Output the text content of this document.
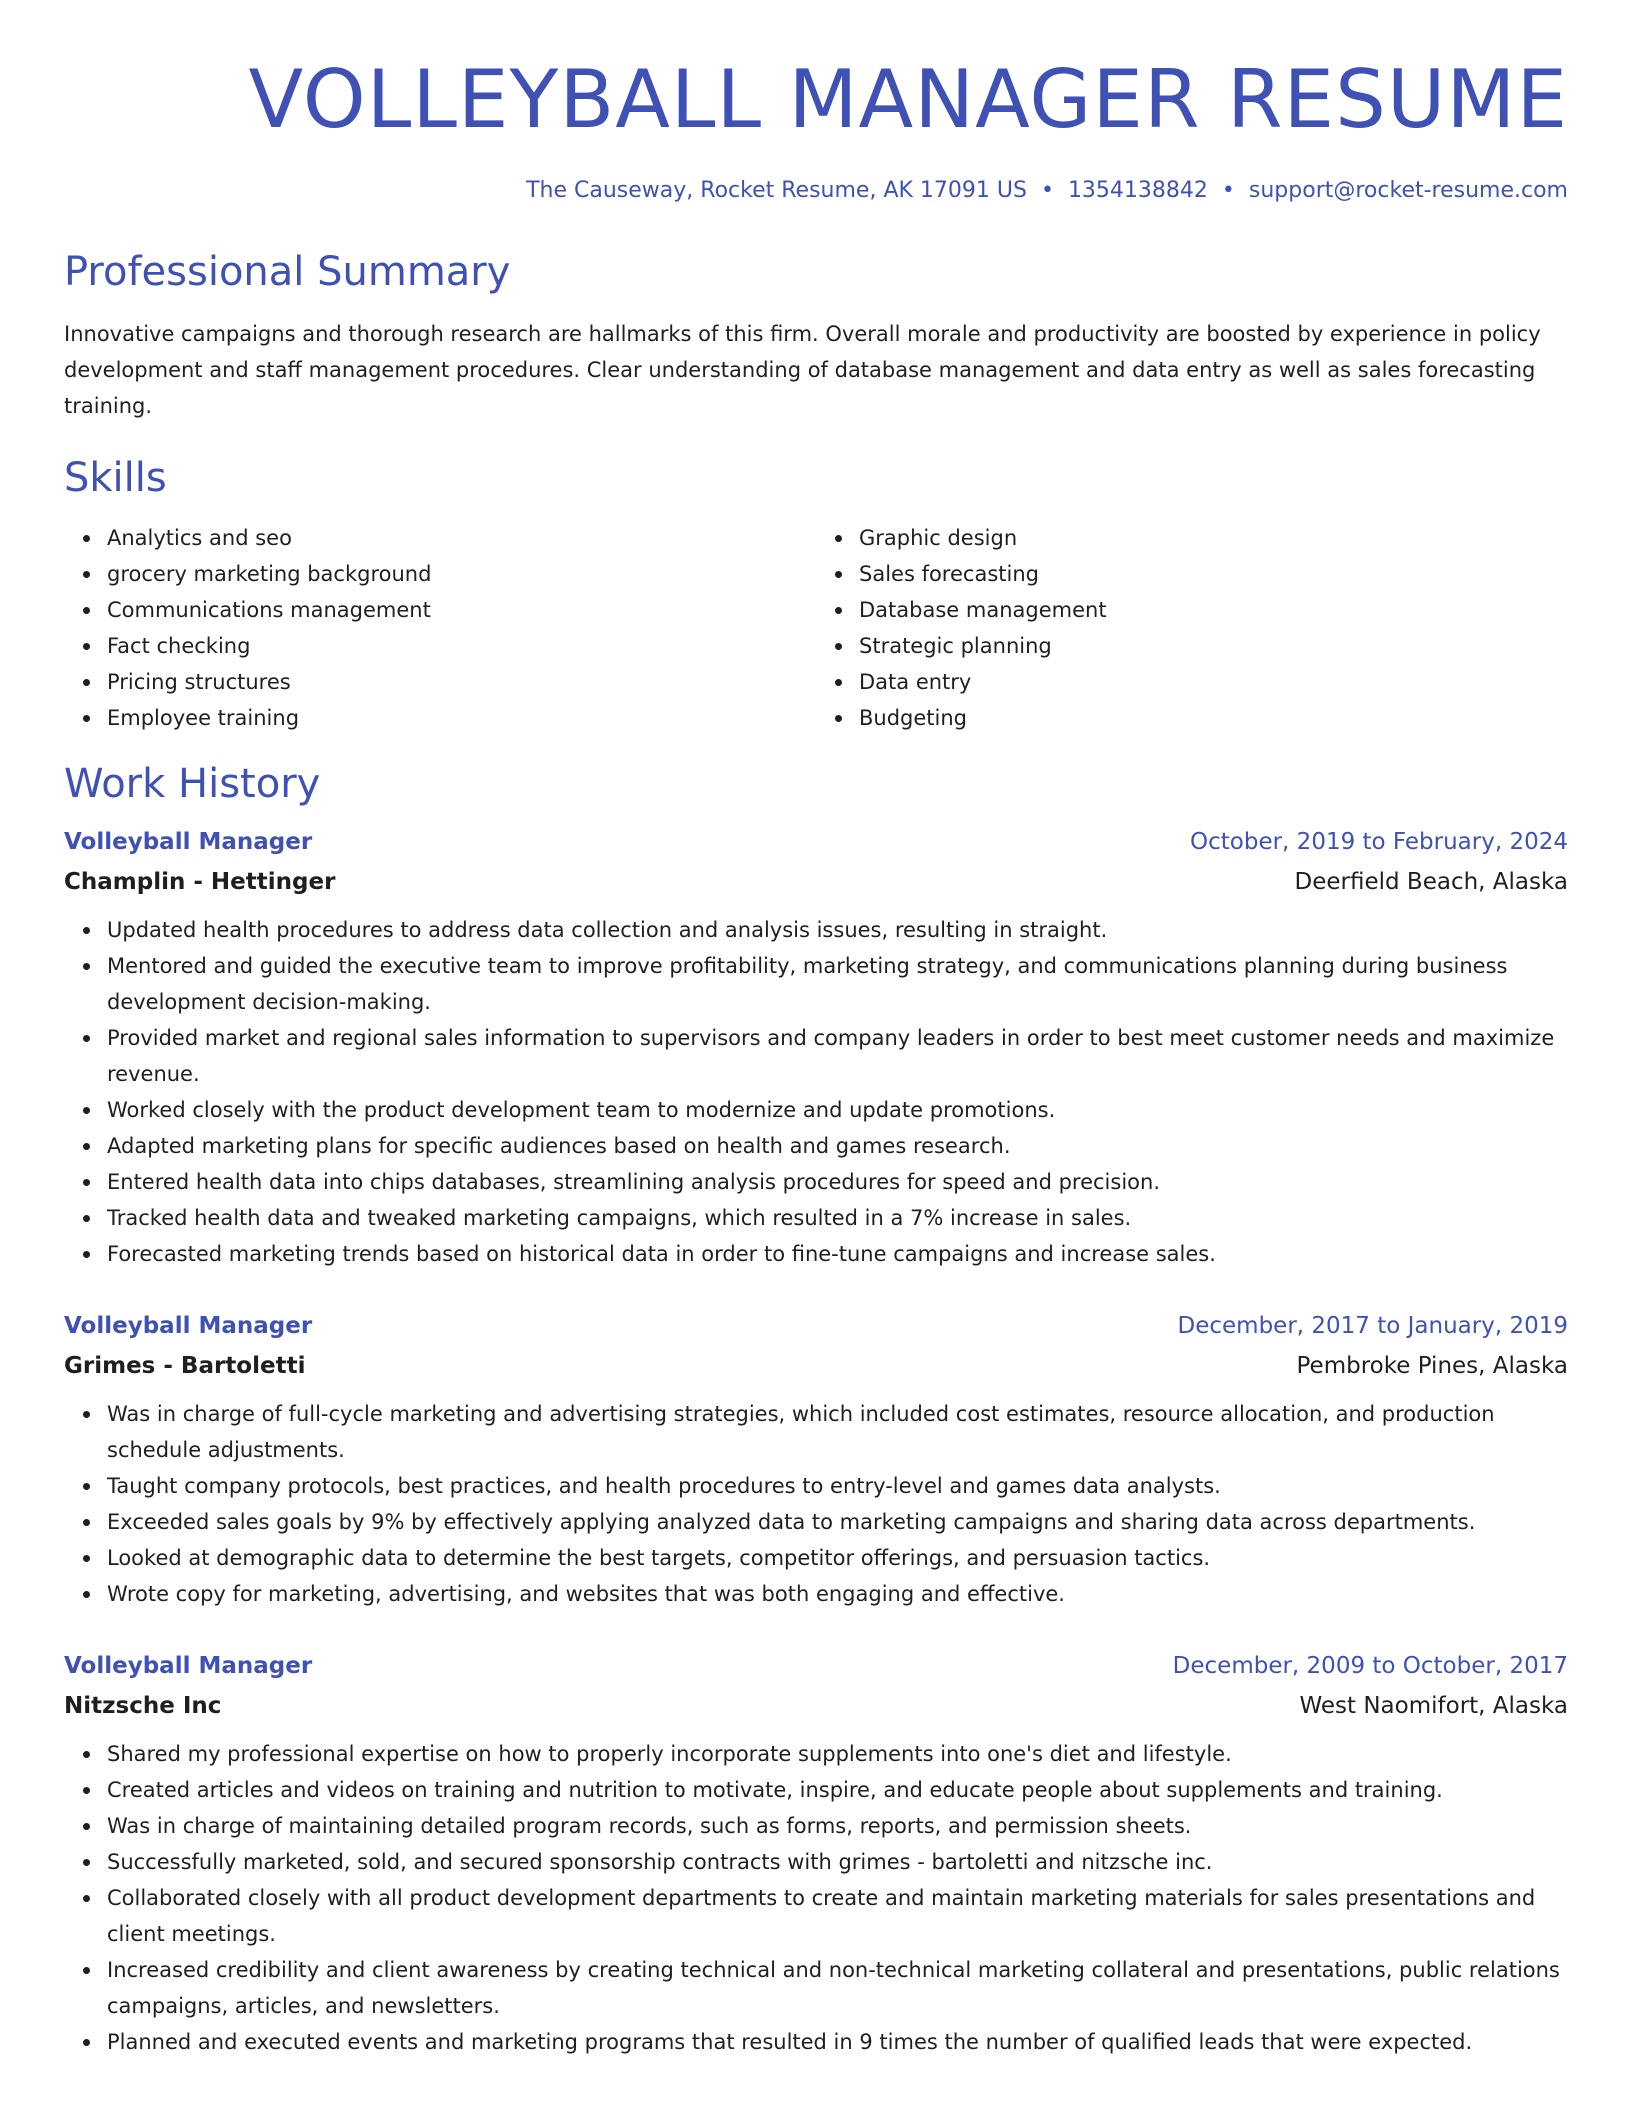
VOLLEYBALL MANAGER RESUME
The Causeway, Rocket Resume, AK 17091 US • 1354138842 • support@rocket-resume.com
Professional Summary
Innovative campaigns and thorough research are hallmarks of this firm. Overall morale and productivity are boosted by experience in policy development and staff management procedures. Clear understanding of database management and data entry as well as sales forecasting training.
Skills
Analytics and seo
grocery marketing background
Communications management
Fact checking
Pricing structures
Employee training
Graphic design
Sales forecasting
Database management
Strategic planning
Data entry
Budgeting
Work History
Volleyball Manager	October, 2019 to February, 2024
Champlin - Hettinger	Deerfield Beach, Alaska
Updated health procedures to address data collection and analysis issues, resulting in straight.
Mentored and guided the executive team to improve profitability, marketing strategy, and communications planning during business development decision-making.
Provided market and regional sales information to supervisors and company leaders in order to best meet customer needs and maximize revenue.
Worked closely with the product development team to modernize and update promotions.
Adapted marketing plans for specific audiences based on health and games research.
Entered health data into chips databases, streamlining analysis procedures for speed and precision.
Tracked health data and tweaked marketing campaigns, which resulted in a 7% increase in sales.
Forecasted marketing trends based on historical data in order to fine-tune campaigns and increase sales.
Volleyball Manager	December, 2017 to January, 2019
Grimes - Bartoletti	Pembroke Pines, Alaska
Was in charge of full-cycle marketing and advertising strategies, which included cost estimates, resource allocation, and production schedule adjustments.
Taught company protocols, best practices, and health procedures to entry-level and games data analysts.
Exceeded sales goals by 9% by effectively applying analyzed data to marketing campaigns and sharing data across departments.
Looked at demographic data to determine the best targets, competitor offerings, and persuasion tactics.
Wrote copy for marketing, advertising, and websites that was both engaging and effective.
Volleyball Manager	December, 2009 to October, 2017
Nitzsche Inc	West Naomifort, Alaska
Shared my professional expertise on how to properly incorporate supplements into one's diet and lifestyle.
Created articles and videos on training and nutrition to motivate, inspire, and educate people about supplements and training.
Was in charge of maintaining detailed program records, such as forms, reports, and permission sheets.
Successfully marketed, sold, and secured sponsorship contracts with grimes - bartoletti and nitzsche inc.
Collaborated closely with all product development departments to create and maintain marketing materials for sales presentations and client meetings.
Increased credibility and client awareness by creating technical and non-technical marketing collateral and presentations, public relations campaigns, articles, and newsletters.
Planned and executed events and marketing programs that resulted in 9 times the number of qualified leads that were expected.
